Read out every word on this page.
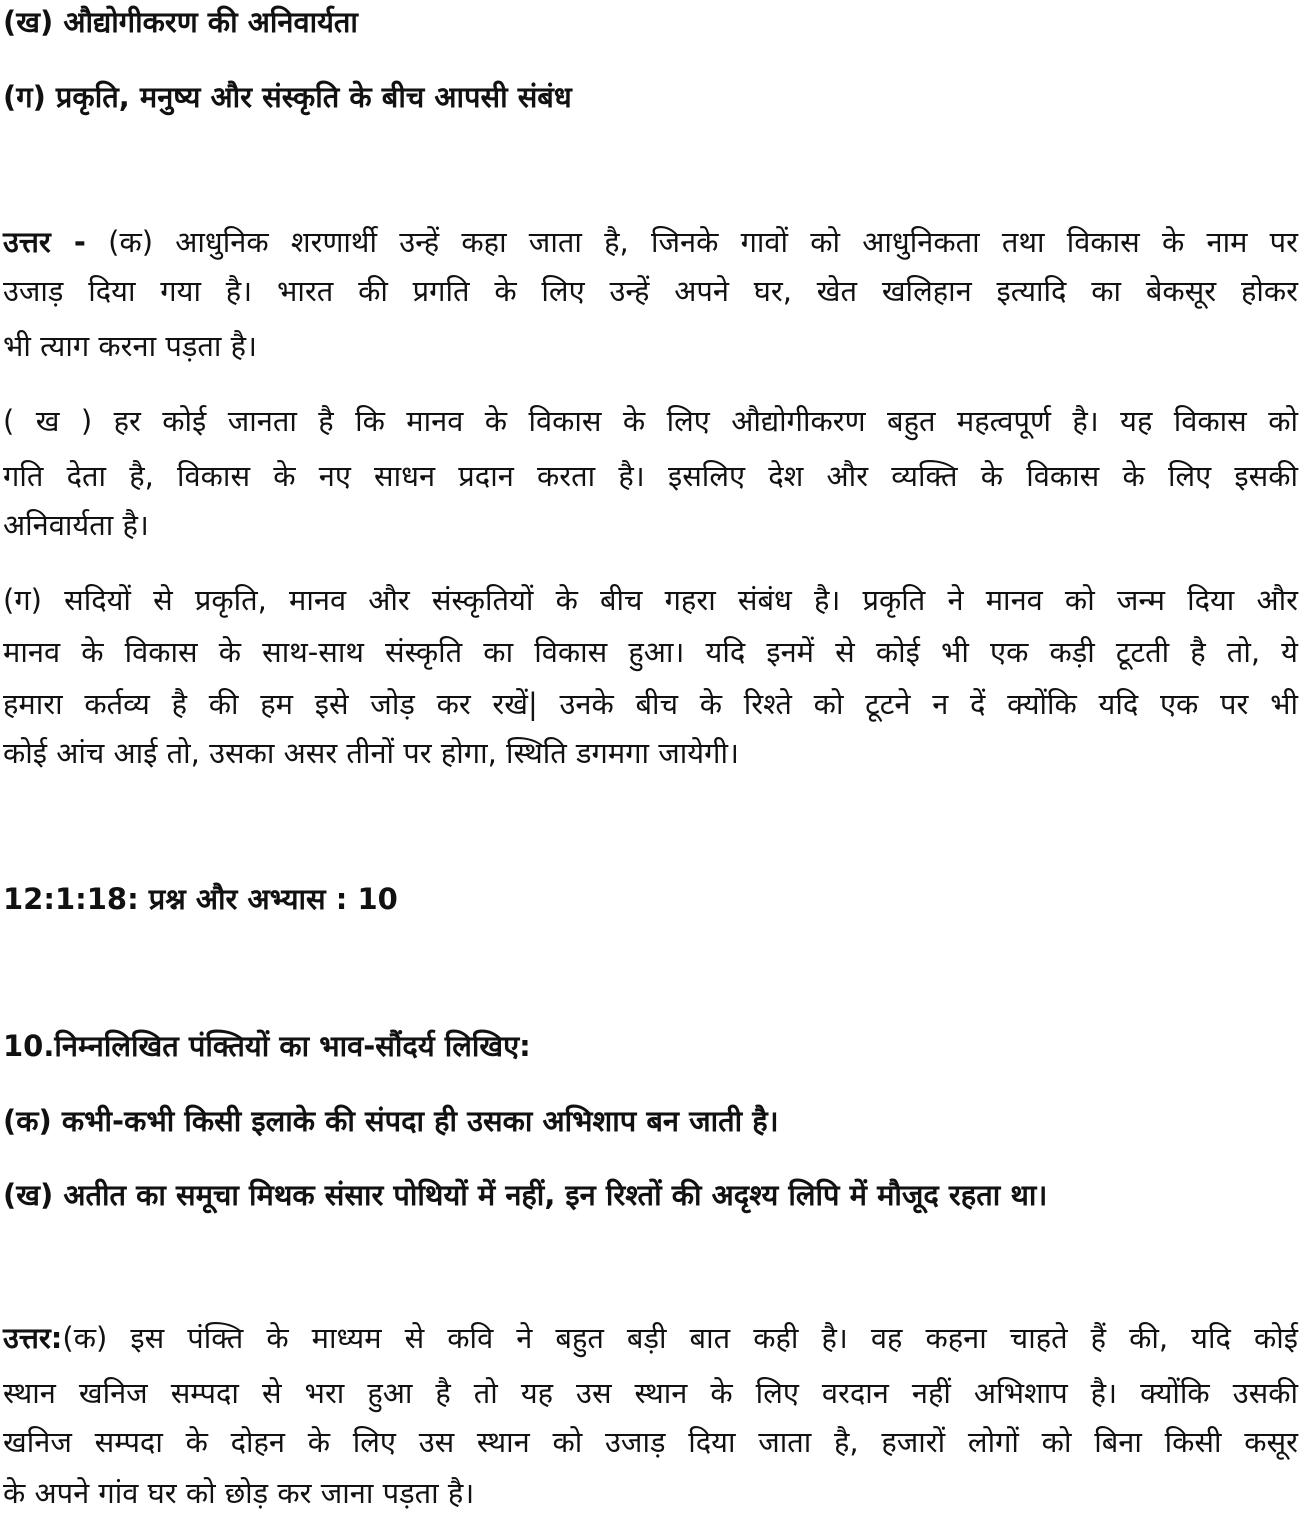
(ख) औद्योगीकरण की अनिवार्यता
(ग) प्रकृति, मनुष्य और संस्कृति के बीच आपसी संबंध
उत्तर - (क) आधुनिक शरणार्थी उन्हें कहा जाता है, जिनके गावों को आधुनिकता तथा विकास के नाम पर
उजाड़ दिया गया है। भारत की प्रगति के लिए उन्हें अपने घर, खेत खलिहान इत्यादि का बेकसूर होकर
भी त्याग करना पड़ता है।
( ख ) हर कोई जानता है कि मानव के विकास के लिए औद्योगीकरण बहुत महत्वपूर्ण है। यह विकास को
गति देता है, विकास के नए साधन प्रदान करता है। इसलिए देश और व्यक्ति के विकास के लिए इसकी
अनिवार्यता है।
(ग) सदियों से प्रकृति, मानव और संस्कृतियों के बीच गहरा संबंध है। प्रकृति ने मानव को जन्म दिया और
मानव के विकास के साथ-साथ संस्कृति का विकास हुआ। यदि इनमें से कोई भी एक कड़ी टूटती है तो, ये
हमारा कर्तव्य है की हम इसे जोड़ कर रखें| उनके बीच के रिश्ते को टूटने न दें क्योंकि यदि एक पर भी
कोई आंच आई तो, उसका असर तीनों पर होगा, स्थिति डगमगा जायेगी।
12:1:18: प्रश्न और अभ्यास : 10
10.निम्नलिखित पंक्तियों का भाव-सौंदर्य लिखिए:
(क) कभी-कभी किसी इलाके की संपदा ही उसका अभिशाप बन जाती है।
(ख) अतीत का समूचा मिथक संसार पोथियों में नहीं, इन रिश्तों की अदृश्य लिपि में मौजूद रहता था।
उत्तर:(क) इस पंक्ति के माध्यम से कवि ने बहुत बड़ी बात कही है। वह कहना चाहते हैं की, यदि कोई
स्थान खनिज सम्पदा से भरा हुआ है तो यह उस स्थान के लिए वरदान नहीं अभिशाप है। क्योंकि उसकी
खनिज सम्पदा के दोहन के लिए उस स्थान को उजाड़ दिया जाता है, हजारों लोगों को बिना किसी कसूर
के अपने गांव घर को छोड़ कर जाना पड़ता है।
